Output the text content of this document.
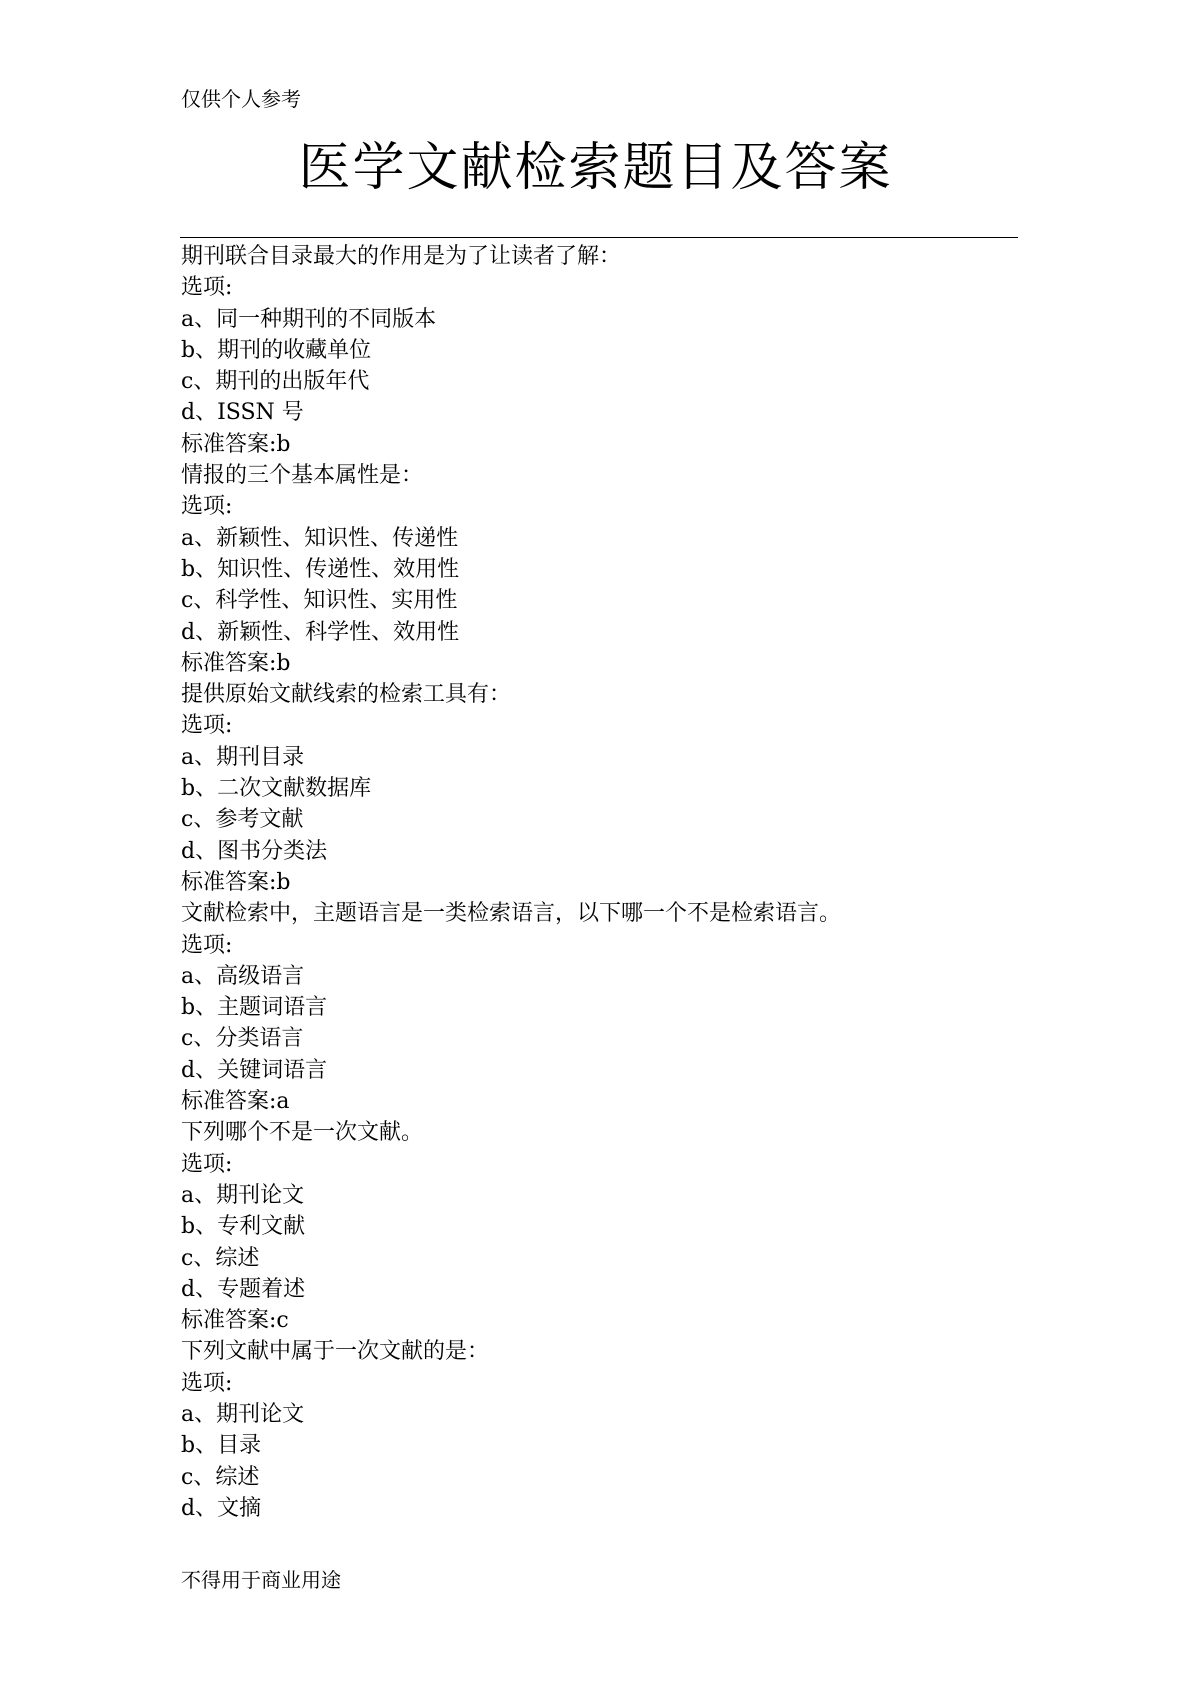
仅供个人参考
医学文献检索题目及答案
期刊联合目录最大的作用是为了让读者了解：
选项:
a、同一种期刊的不同版本
b、期刊的收藏单位
c、期刊的出版年代
d、ISSN 号
标准答案:b
情报的三个基本属性是：
选项:
a、新颖性、知识性、传递性
b、知识性、传递性、效用性
c、科学性、知识性、实用性
d、新颖性、科学性、效用性
标准答案:b
提供原始文献线索的检索工具有：
选项:
a、期刊目录
b、二次文献数据库
c、参考文献
d、图书分类法
标准答案:b
文献检索中，主题语言是一类检索语言，以下哪一个不是检索语言。
选项:
a、高级语言
b、主题词语言
c、分类语言
d、关键词语言
标准答案:a
下列哪个不是一次文献。
选项:
a、期刊论文
b、专利文献
c、综述
d、专题着述
标准答案:c
下列文献中属于一次文献的是：
选项:
a、期刊论文
b、目录
c、综述
d、文摘
不得用于商业用途
